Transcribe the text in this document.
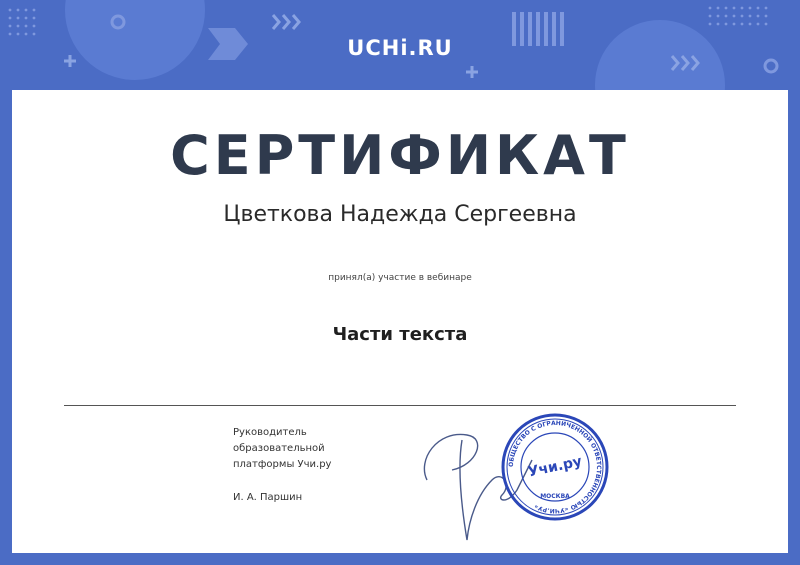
UCHi.RU
СЕРТИФИКАТ
Цветкова Надежда Сергеевна
принял(а) участие в вебинаре
Части текста
Руководитель
образовательной
платформы Учи.ру
И. А. Паршин
ОБЩЕСТВО С ОГРАНИЧЕННОЙ ОТВЕТСТВЕННОСТЬЮ «УЧИ.РУ»
Учи.ру
МОСКВА
